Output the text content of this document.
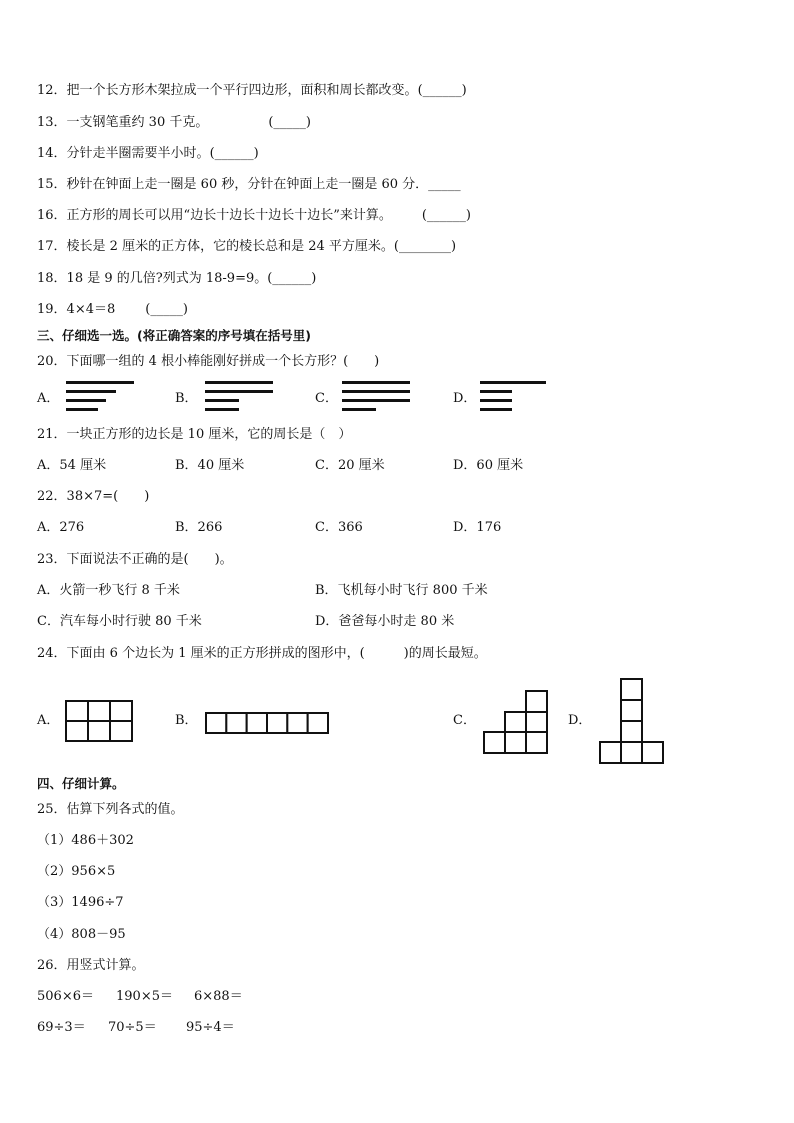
12．把一个长方形木架拉成一个平行四边形，面积和周长都改变。(______)
13．一支钢笔重约 30 千克。	(_____)
14．分针走半圈需要半小时。(______)
15．秒针在钟面上走一圈是 60 秒，分针在钟面上走一圈是 60 分．_____
16．正方形的周长可以用“边长十边长十边长十边长”来计算。 (______)
17．棱长是 2 厘米的正方体，它的棱长总和是 24 平方厘米。(________)
18．18 是 9 的几倍?列式为 18-9=9。(______)
19．4×4＝8 (_____)
三、仔细选一选。(将正确答案的序号填在括号里)
20．下面哪一组的 4 根小棒能刚好拼成一个长方形？(　　)
A．	B．	C．	D．
21．一块正方形的边长是 10 厘米，它的周长是（　）
A．54 厘米	B．40 厘米	C．20 厘米	D．60 厘米
22．38×7=(　　)
A．276	B．266	C．366	D．176
23．下面说法不正确的是(　　)。
A．火箭一秒飞行 8 千米	B．飞机每小时飞行 800 千米
C．汽车每小时行驶 80 千米	D．爸爸每小时走 80 米
24．下面由 6 个边长为 1 厘米的正方形拼成的图形中，(　　　)的周长最短。
A．	B．	C．	D．
四、仔细计算。
25．估算下列各式的值。
（1）486＋302
（2）956×5
（3）1496÷7
（4）808－95
26．用竖式计算。
506×6＝ 190×5＝ 6×88＝
69÷3＝ 70÷5＝ 95÷4＝
